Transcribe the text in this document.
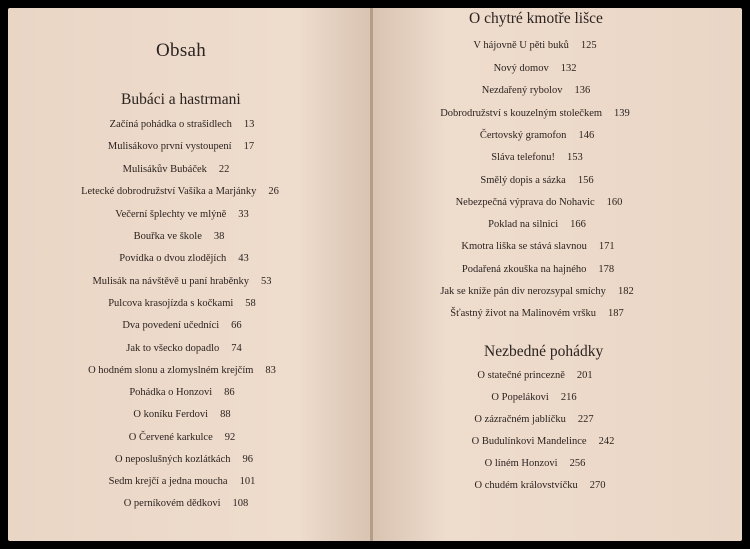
Obsah
Bubáci a hastrmani
Začíná pohádka o strašidlech 13
Mulisákovo první vystoupení 17
Mulisákův Bubáček 22
Letecké dobrodružství Vašíka a Marjánky 26
Večerní šplechty ve mlýně 33
Bouřka ve škole 38
Povídka o dvou zlodějích 43
Mulisák na návštěvě u paní hraběnky 53
Pulcova krasojízda s kočkami 58
Dva povedení učedníci 66
Jak to všecko dopadlo 74
O hodném slonu a zlomyslném krejčím 83
Pohádka o Honzovi 86
O koníku Ferdovi 88
O Červené karkulce 92
O neposlušných kozlátkách 96
Sedm krejčí a jedna moucha 101
O perníkovém dědkovi 108
O chytré kmotře lišce
V hájovně U pěti buků 125
Nový domov 132
Nezdařený rybolov 136
Dobrodružství s kouzelným stolečkem 139
Čertovský gramofon 146
Sláva telefonu! 153
Smělý dopis a sázka 156
Nebezpečná výprava do Nohavic 160
Poklad na silnici 166
Kmotra liška se stává slavnou 171
Podařená zkouška na hajného 178
Jak se kníže pán div nerozsypal smíchy 182
Šťastný život na Malinovém vršku 187
Nezbedné pohádky
O statečné princezně 201
O Popelákovi 216
O zázračném jablíčku 227
O Budulínkovi Mandelince 242
O líném Honzovi 256
O chudém královstvíčku 270
